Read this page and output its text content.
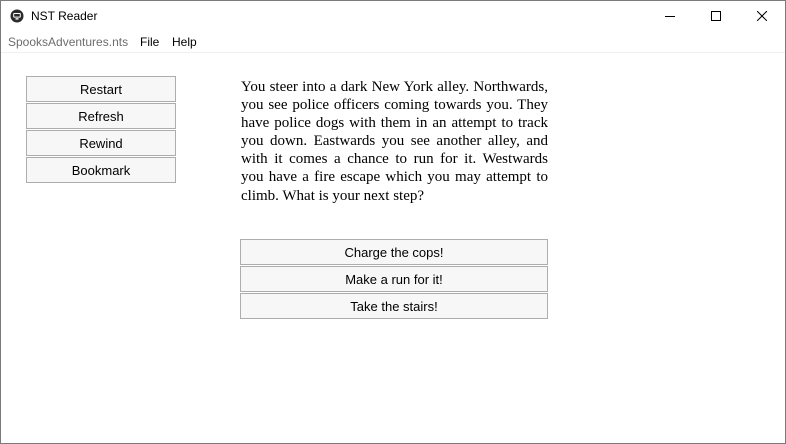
NST Reader
SpooksAdventures.nts File Help
Restart
Refresh
Rewind
Bookmark

You steer into a dark New York alley. Northwards, you see police officers coming towards you. They have police dogs with them in an attempt to track you down. Eastwards you see another alley, and with it comes a chance to run for it. Westwards you have a fire escape which you may attempt to climb. What is your next step?

Charge the cops!
Make a run for it!
Take the stairs!
